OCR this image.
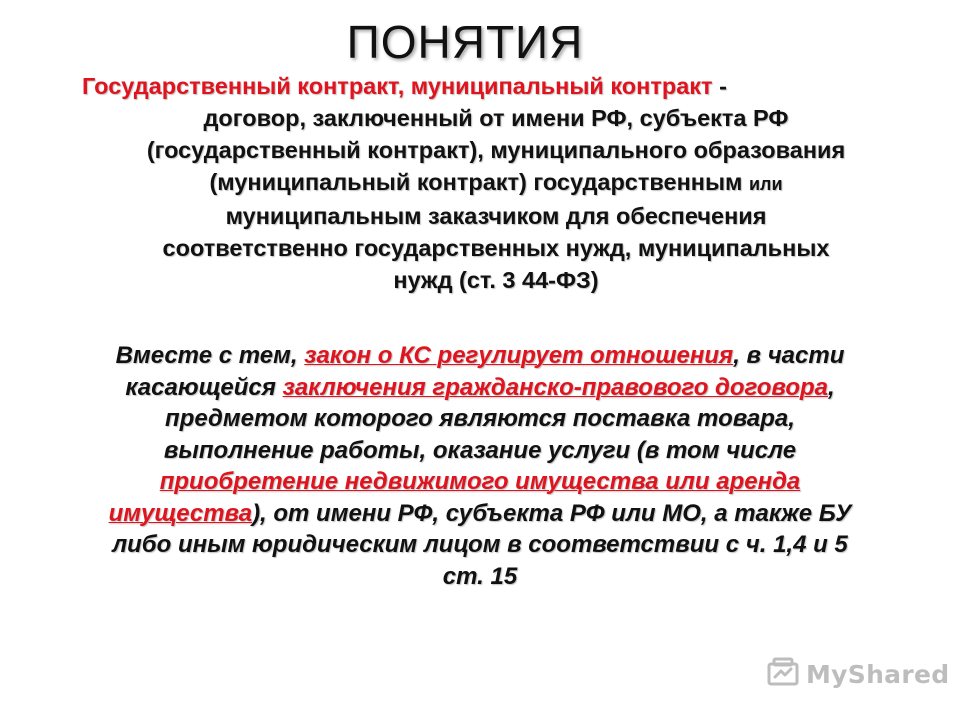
ПОНЯТИЯ
Государственный контракт, муниципальный контракт -
договор, заключенный от имени РФ, субъекта РФ
(государственный контракт), муниципального образования
(муниципальный контракт) государственным или
муниципальным заказчиком для обеспечения
соответственно государственных нужд, муниципальных
нужд (ст. 3 44-ФЗ)
Вместе с тем, закон о КС регулирует отношения, в части
касающейся заключения гражданско-правового договора,
предметом которого являются поставка товара,
выполнение работы, оказание услуги (в том числе
приобретение недвижимого имущества или аренда
имущества), от имени РФ, субъекта РФ или МО, а также БУ
либо иным юридическим лицом в соответствии с ч. 1,4 и 5
ст. 15
MyShared
